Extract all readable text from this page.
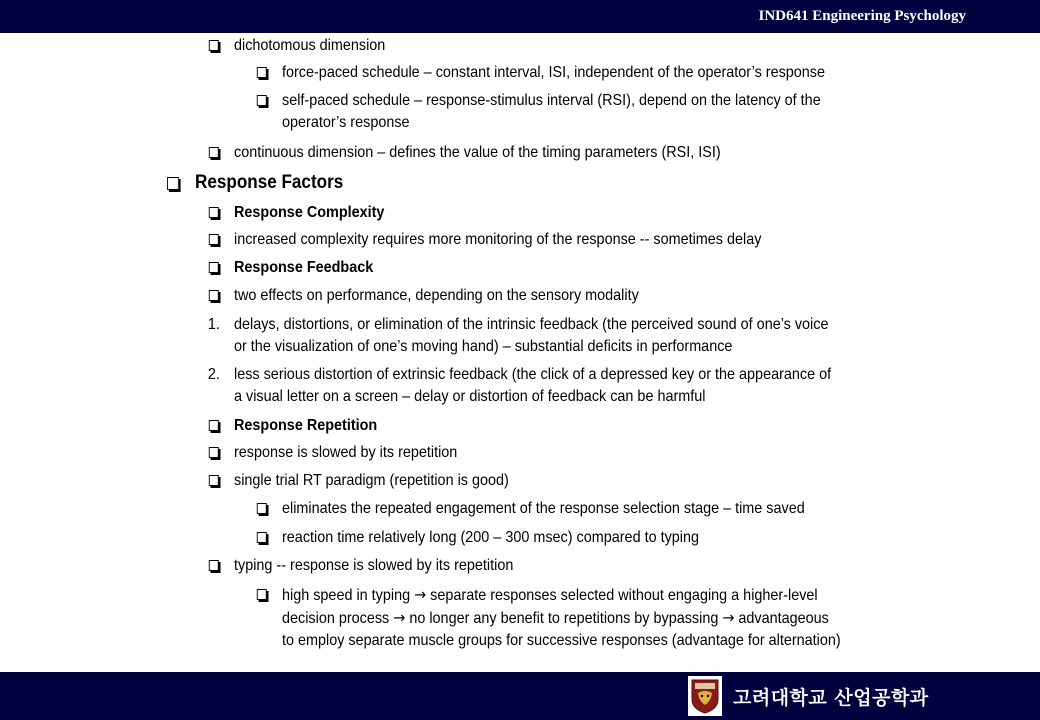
IND641 Engineering Psychology
dichotomous dimension
force-paced schedule – constant interval, ISI, independent of the operator’s response
self-paced schedule – response-stimulus interval (RSI), depend on the latency of the
operator’s response
continuous dimension – defines the value of the timing parameters (RSI, ISI)
Response Factors
Response Complexity
increased complexity requires more monitoring of the response -- sometimes delay
Response Feedback
two effects on performance, depending on the sensory modality
1. delays, distortions, or elimination of the intrinsic feedback (the perceived sound of one’s voice
or the visualization of one’s moving hand) – substantial deficits in performance
2. less serious distortion of extrinsic feedback (the click of a depressed key or the appearance of
a visual letter on a screen – delay or distortion of feedback can be harmful
Response Repetition
response is slowed by its repetition
single trial RT paradigm (repetition is good)
eliminates the repeated engagement of the response selection stage – time saved
reaction time relatively long (200 – 300 msec) compared to typing
typing -- response is slowed by its repetition
high speed in typing → separate responses selected without engaging a higher-level
decision process → no longer any benefit to repetitions by bypassing → advantageous
to employ separate muscle groups for successive responses (advantage for alternation)
고려대학교 산업공학과
